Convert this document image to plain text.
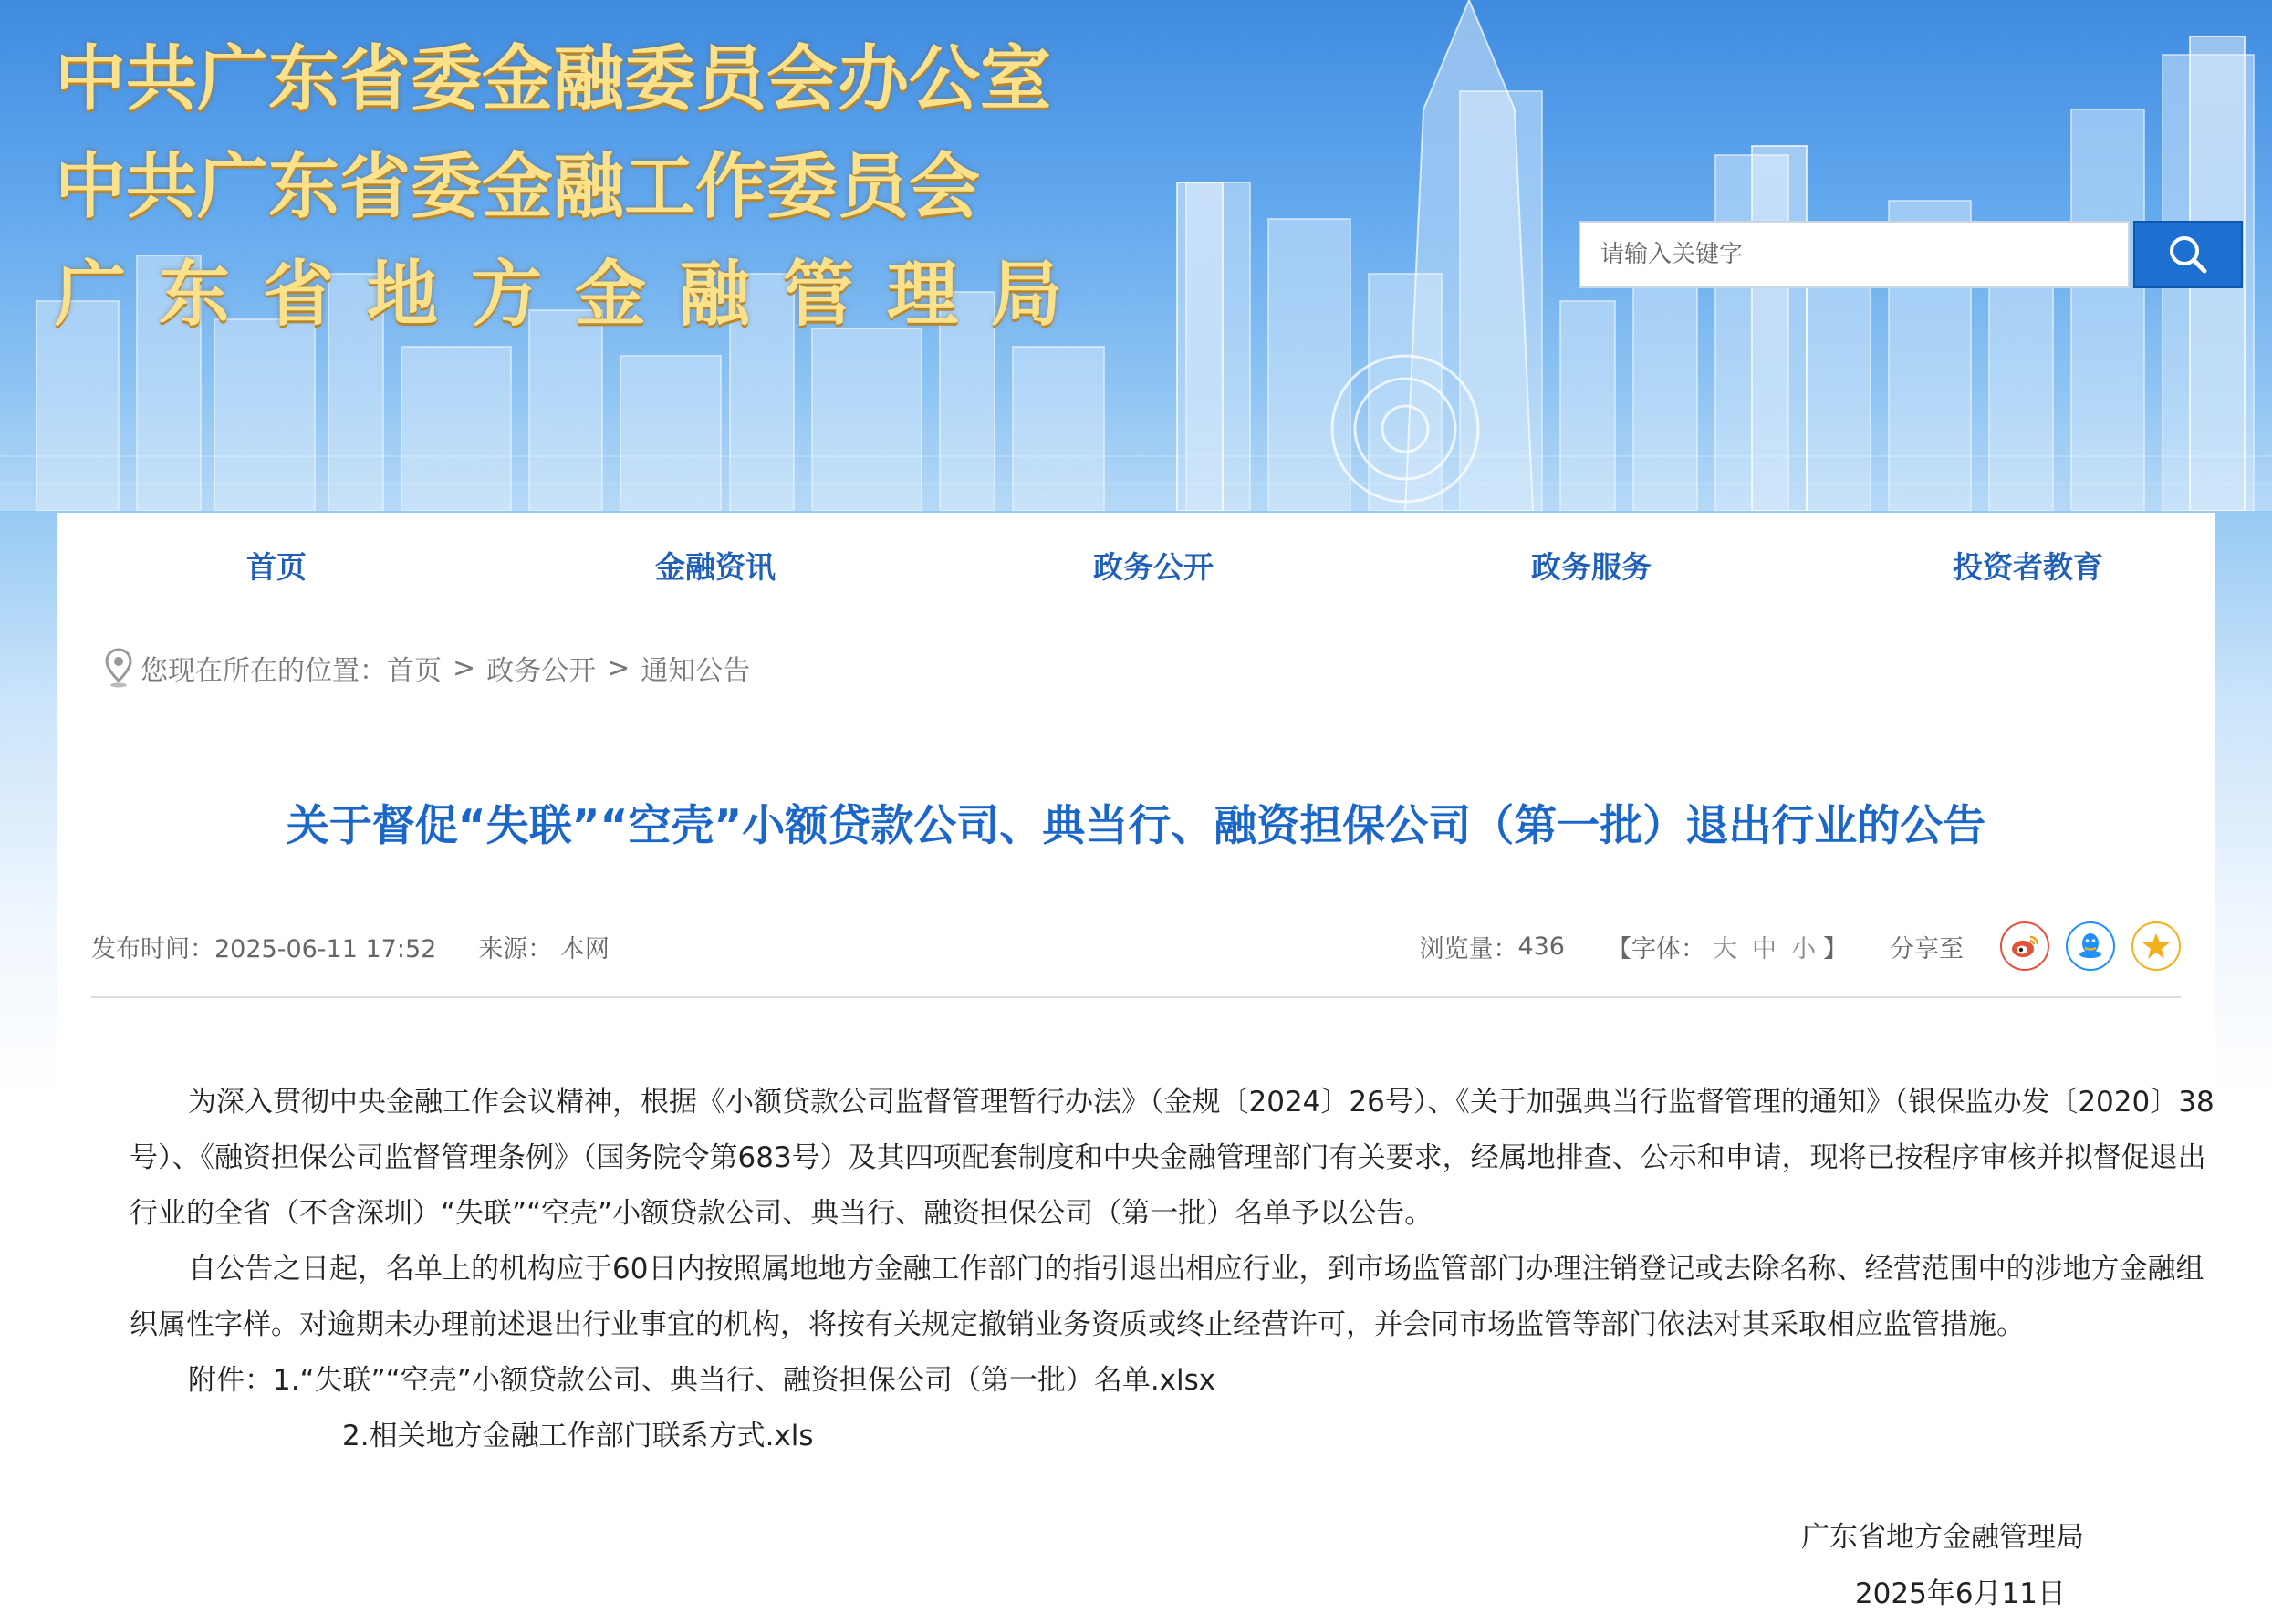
中共广东省委金融委员会办公室
中共广东省委金融工作委员会
广东省地方金融管理局
请输入关键字
首页	金融资讯	政务公开	政务服务	投资者教育
您现在所在的位置： 首页 > 政务公开 > 通知公告
关于督促“失联”“空壳”小额贷款公司、典当行、融资担保公司（第一批）退出行业的公告
发布时间：2025-06-11 17:52 来源： 本网	浏览量： 436 【字体： 大 中 小 】 分享至

为深入贯彻中央金融工作会议精神，根据《小额贷款公司监督管理暂行办法》（金规〔2024〕26号）、《关于加强典当行监督管理的通知》（银保监办发〔2020〕38号）、《融资担保公司监督管理条例》（国务院令第683号）及其四项配套制度和中央金融管理部门有关要求，经属地排查、公示和申请，现将已按程序审核并拟督促退出行业的全省（不含深圳）“失联”“空壳”小额贷款公司、典当行、融资担保公司（第一批）名单予以公告。

自公告之日起，名单上的机构应于60日内按照属地地方金融工作部门的指引退出相应行业，到市场监管部门办理注销登记或去除名称、经营范围中的涉地方金融组织属性字样。对逾期未办理前述退出行业事宜的机构，将按有关规定撤销业务资质或终止经营许可，并会同市场监管等部门依法对其采取相应监管措施。

附件：1.“失联”“空壳”小额贷款公司、典当行、融资担保公司（第一批）名单.xlsx

2.相关地方金融工作部门联系方式.xls

广东省地方金融管理局
2025年6月11日
